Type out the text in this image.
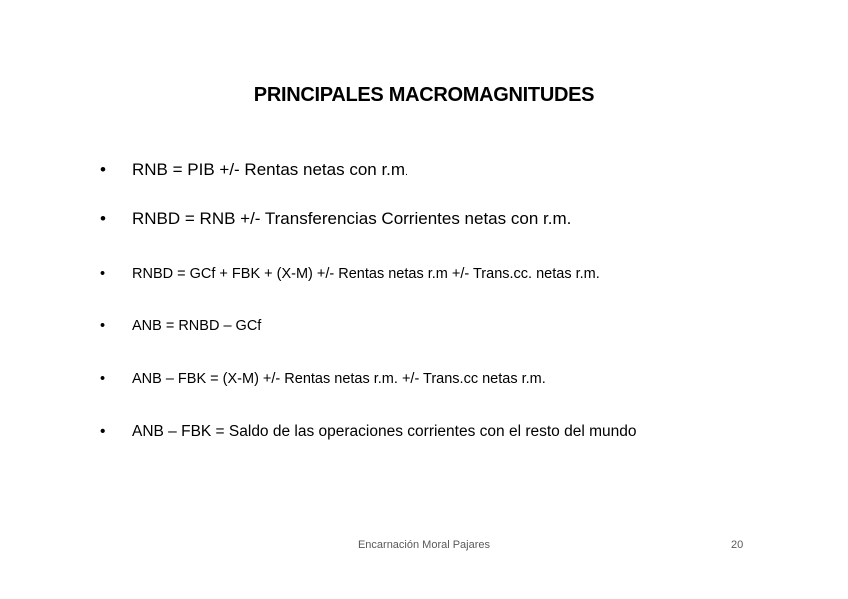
PRINCIPALES MACROMAGNITUDES
• RNB = PIB +/- Rentas netas con r.m.
• RNBD = RNB +/- Transferencias Corrientes netas con r.m.
• RNBD = GCf + FBK + (X-M) +/- Rentas netas r.m +/- Trans.cc. netas r.m.
• ANB = RNBD – GCf
• ANB – FBK = (X-M) +/- Rentas netas r.m. +/- Trans.cc netas r.m.
• ANB – FBK = Saldo de las operaciones corrientes con el resto del mundo
Encarnación Moral Pajares	20
